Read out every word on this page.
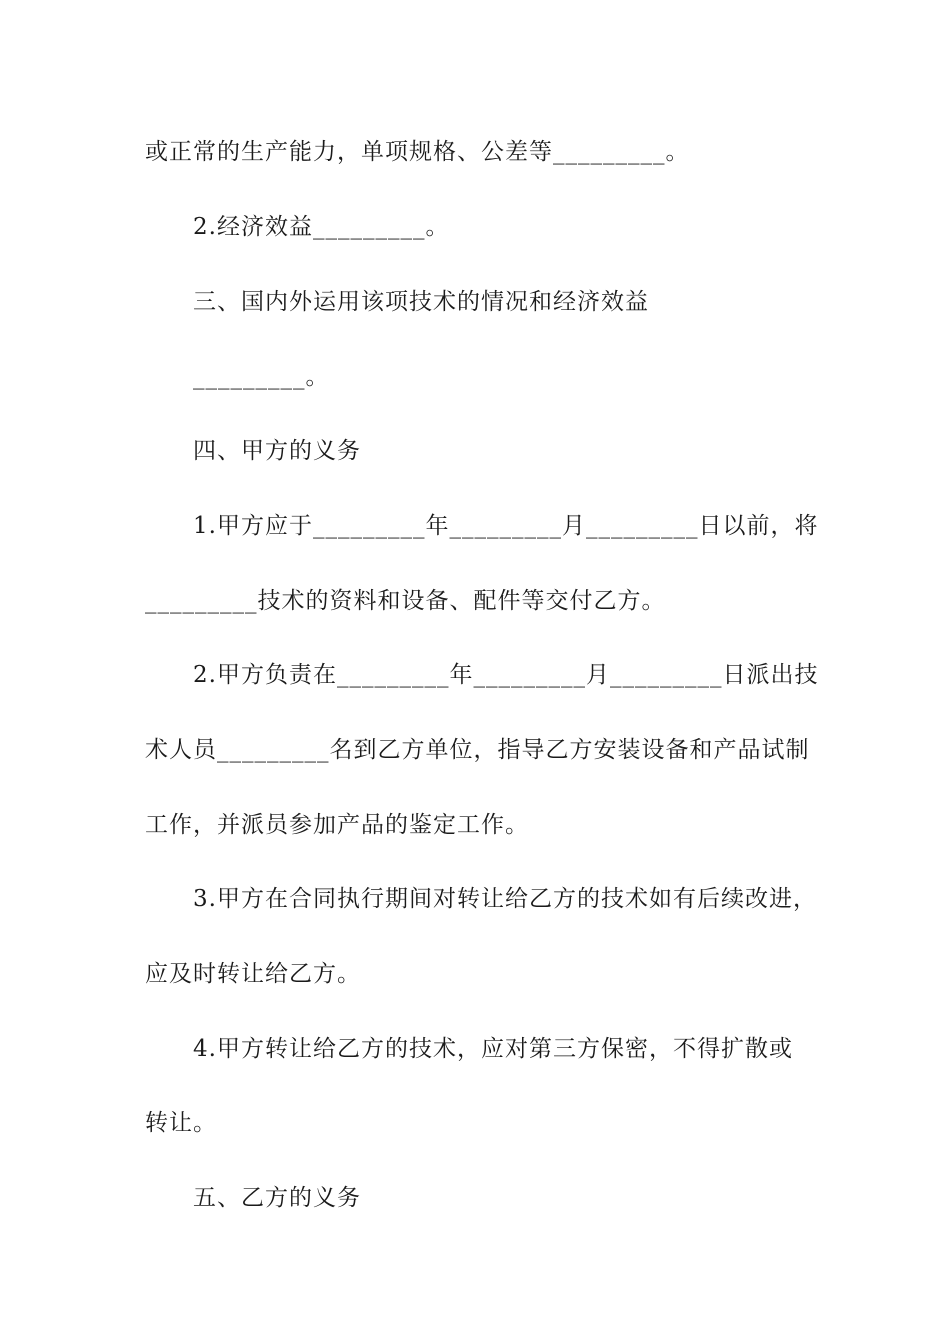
或正常的生产能力，单项规格、公差等_________。
2.经济效益_________。
三、国内外运用该项技术的情况和经济效益
_________。
四、甲方的义务
1.甲方应于_________年_________月_________日以前，将
_________技术的资料和设备、配件等交付乙方。
2.甲方负责在_________年_________月_________日派出技
术人员_________名到乙方单位，指导乙方安装设备和产品试制
工作，并派员参加产品的鉴定工作。
3.甲方在合同执行期间对转让给乙方的技术如有后续改进，
应及时转让给乙方。
4.甲方转让给乙方的技术，应对第三方保密，不得扩散或
转让。
五、乙方的义务
